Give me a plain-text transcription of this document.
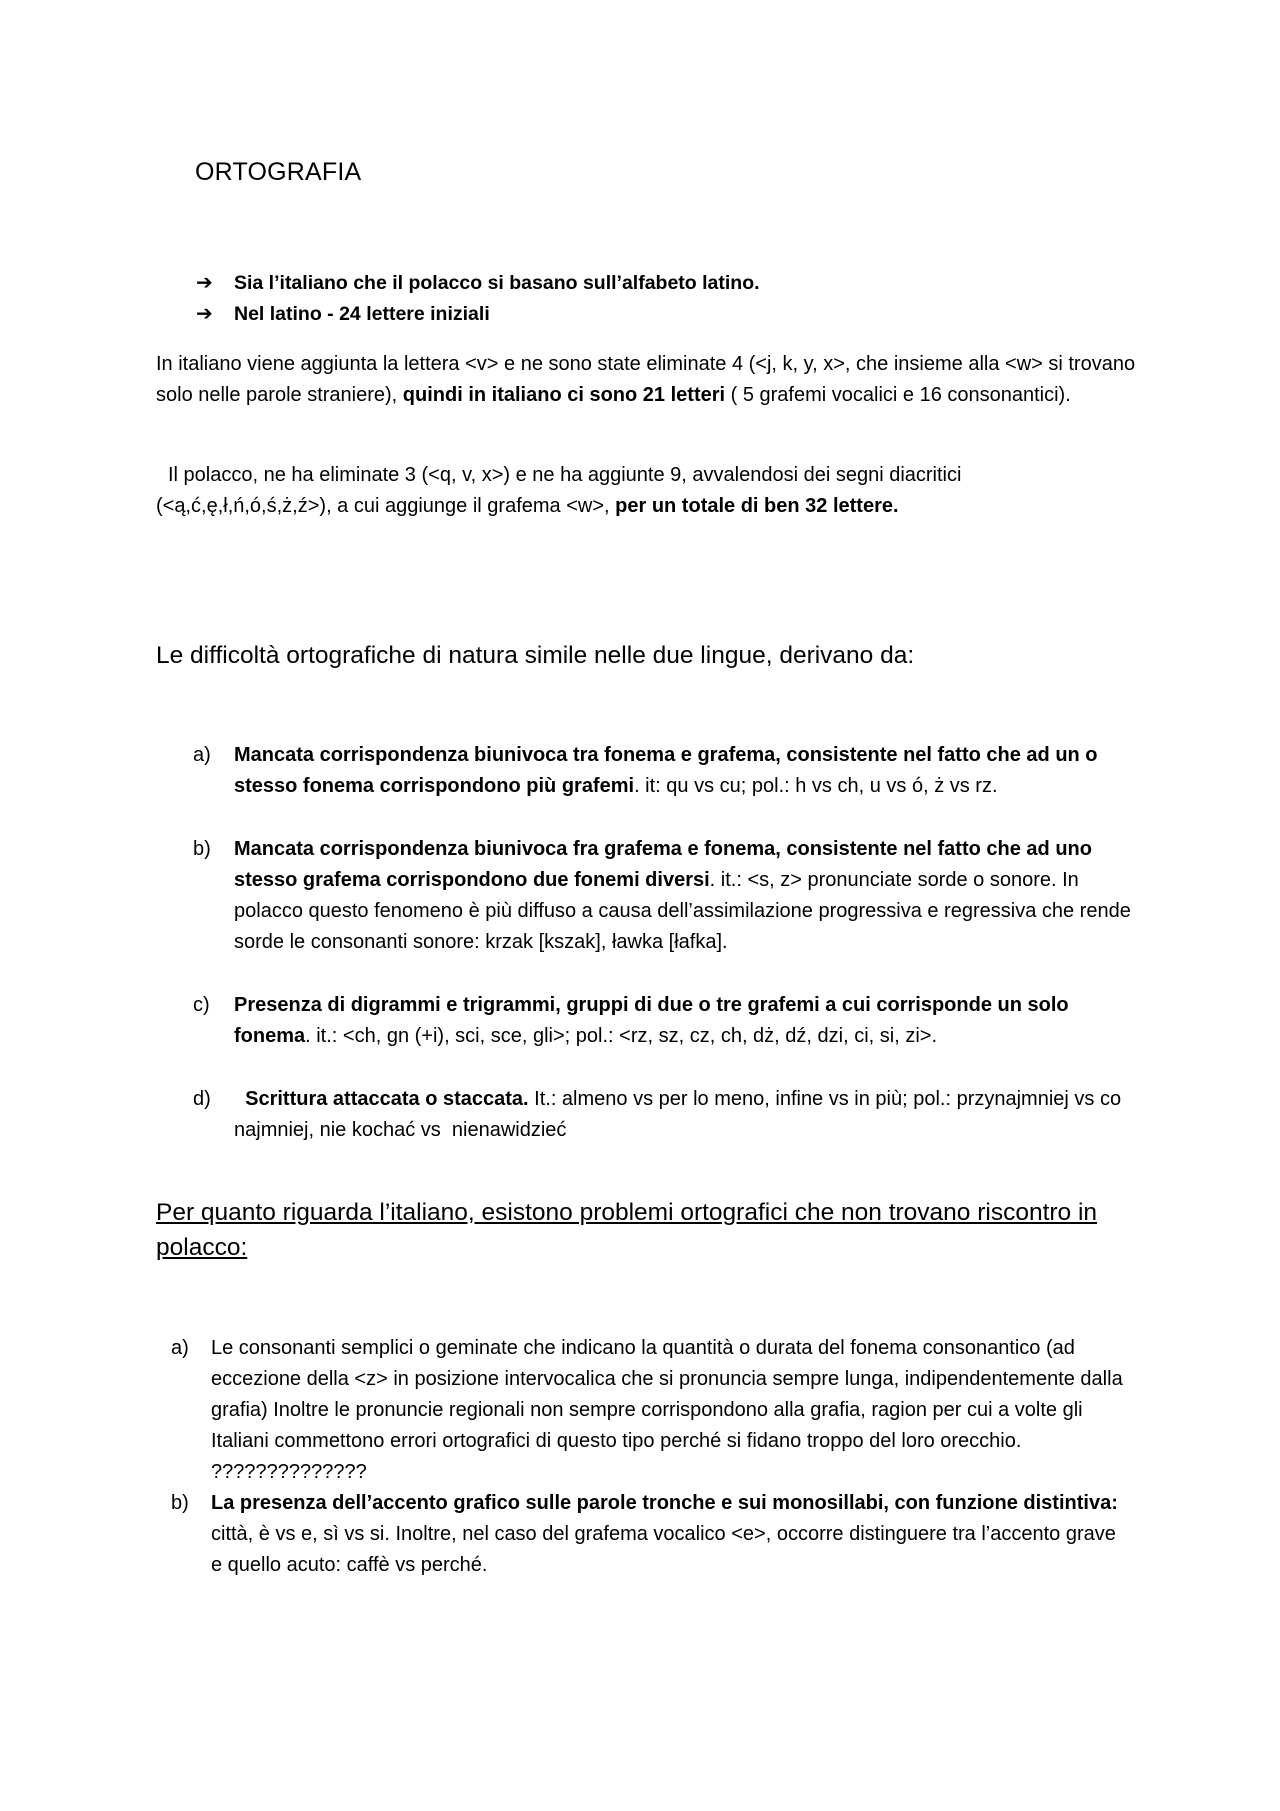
ORTOGRAFIA
➔	Sia l’italiano che il polacco si basano sull’alfabeto latino.
➔	Nel latino - 24 lettere iniziali

In italiano viene aggiunta la lettera <v> e ne sono state eliminate 4 (<j, k, y, x>, che insieme alla <w> si trovano solo nelle parole straniere), quindi in italiano ci sono 21 letteri ( 5 grafemi vocalici e 16 consonantici).

Il polacco, ne ha eliminate 3 (<q, v, x>) e ne ha aggiunte 9, avvalendosi dei segni diacritici (<ą,ć,ę,ł,ń,ó,ś,ż,ź>), a cui aggiunge il grafema <w>, per un totale di ben 32 lettere.

Le difficoltà ortografiche di natura simile nelle due lingue, derivano da:

a)	Mancata corrispondenza biunivoca tra fonema e grafema, consistente nel fatto che ad un o stesso fonema corrispondono più grafemi. it: qu vs cu; pol.: h vs ch, u vs ó, ż vs rz.
b)	Mancata corrispondenza biunivoca fra grafema e fonema, consistente nel fatto che ad uno stesso grafema corrispondono due fonemi diversi. it.: <s, z> pronunciate sorde o sonore. In polacco questo fenomeno è più diffuso a causa dell’assimilazione progressiva e regressiva che rende sorde le consonanti sonore: krzak [kszak], ławka [łafka].
c)	Presenza di digrammi e trigrammi, gruppi di due o tre grafemi a cui corrisponde un solo fonema. it.: <ch, gn (+i), sci, sce, gli>; pol.: <rz, sz, cz, ch, dż, dź, dzi, ci, si, zi>.
d)	Scrittura attaccata o staccata. It.: almeno vs per lo meno, infine vs in più; pol.: przynajmniej vs co najmniej, nie kochać vs  nienawidzieć

Per quanto riguarda l’italiano, esistono problemi ortografici che non trovano riscontro in polacco:

a)	Le consonanti semplici o geminate che indicano la quantità o durata del fonema consonantico (ad eccezione della <z> in posizione intervocalica che si pronuncia sempre lunga, indipendentemente dalla grafia) Inoltre le pronuncie regionali non sempre corrispondono alla grafia, ragion per cui a volte gli Italiani commettono errori ortografici di questo tipo perché si fidano troppo del loro orecchio. ??????????????
b)	La presenza dell’accento grafico sulle parole tronche e sui monosillabi, con funzione distintiva: città, è vs e, sì vs si. Inoltre, nel caso del grafema vocalico <e>, occorre distinguere tra l’accento grave e quello acuto: caffè vs perché.
